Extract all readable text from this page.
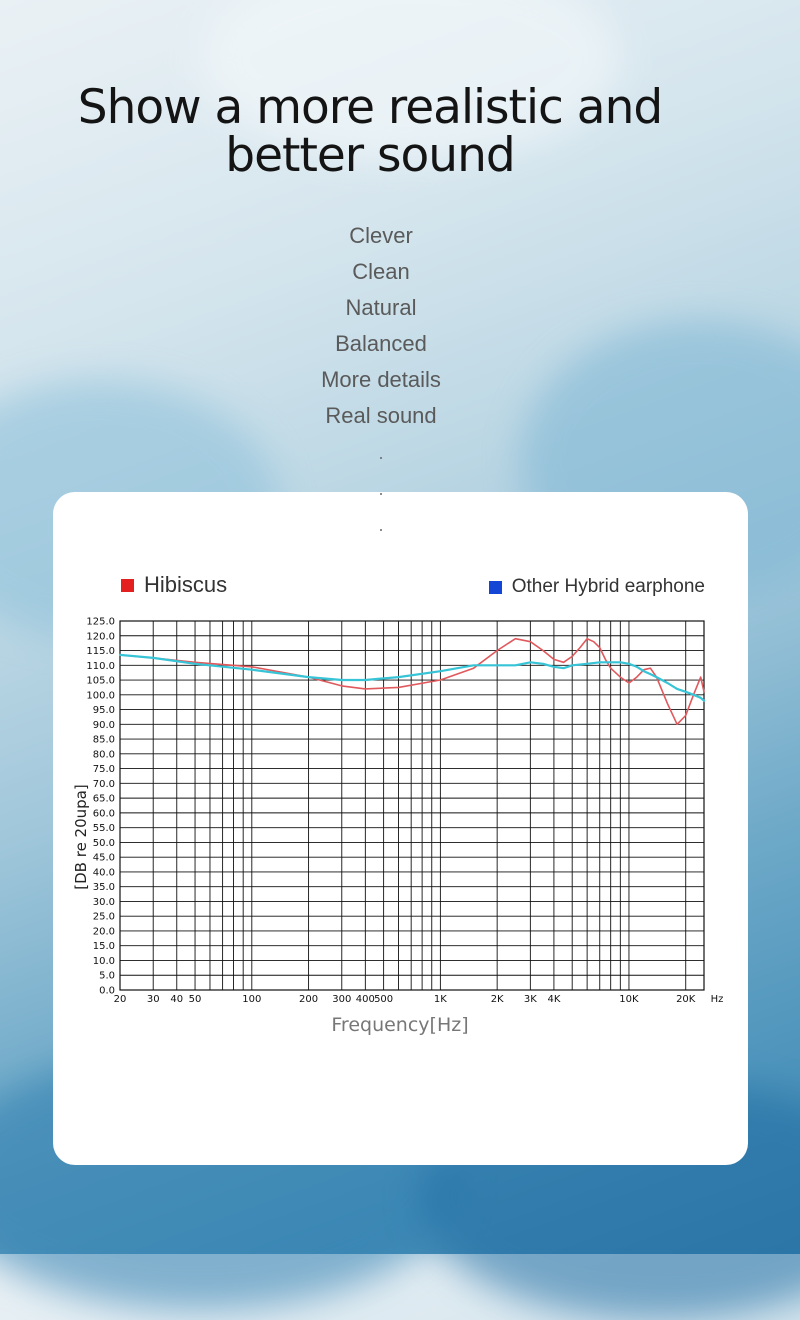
Show a more realistic and
better sound
Clever
Clean
Natural
Balanced
More details
Real sound
Hibiscus	Other Hybrid earphone
0.0
5.0
10.0
15.0
20.0
25.0
30.0
35.0
40.0
45.0
50.0
55.0
60.0
65.0
70.0
75.0
80.0
85.0
90.0
95.0
100.0
105.0
110.0
115.0
120.0
125.0
20 30 40 50	100	200 300 400 500	1K	2K 3K 4K	10K	20K Hz
[DB re 20upa]
Frequency[Hz]
